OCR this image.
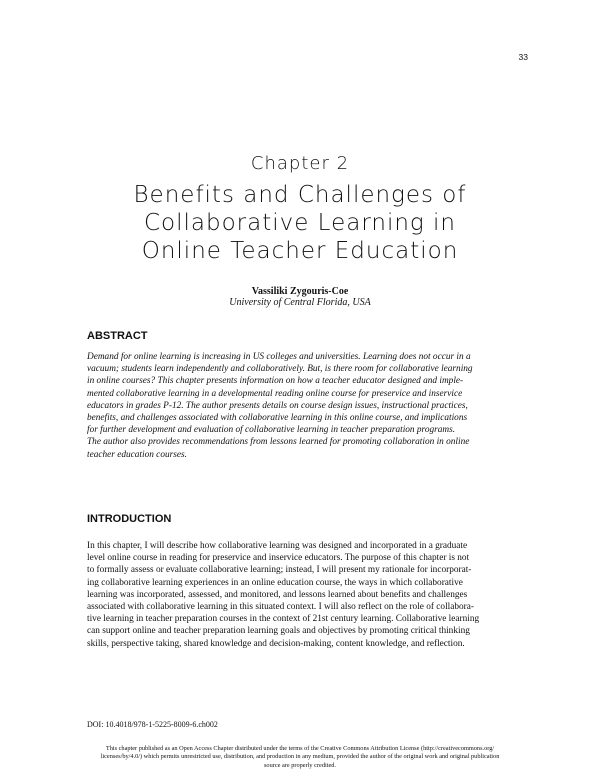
33
Chapter 2
Benefits and Challenges of
Collaborative Learning in
Online Teacher Education
Vassiliki Zygouris-Coe
University of Central Florida, USA
ABSTRACT
Demand for online learning is increasing in US colleges and universities. Learning does not occur in a
vacuum; students learn independently and collaboratively. But, is there room for collaborative learning
in online courses? This chapter presents information on how a teacher educator designed and imple-
mented collaborative learning in a developmental reading online course for preservice and inservice
educators in grades P-12. The author presents details on course design issues, instructional practices,
benefits, and challenges associated with collaborative learning in this online course, and implications
for further development and evaluation of collaborative learning in teacher preparation programs.
The author also provides recommendations from lessons learned for promoting collaboration in online
teacher education courses.
INTRODUCTION
In this chapter, I will describe how collaborative learning was designed and incorporated in a graduate
level online course in reading for preservice and inservice educators. The purpose of this chapter is not
to formally assess or evaluate collaborative learning; instead, I will present my rationale for incorporat-
ing collaborative learning experiences in an online education course, the ways in which collaborative
learning was incorporated, assessed, and monitored, and lessons learned about benefits and challenges
associated with collaborative learning in this situated context. I will also reflect on the role of collabora-
tive learning in teacher preparation courses in the context of 21st century learning. Collaborative learning
can support online and teacher preparation learning goals and objectives by promoting critical thinking
skills, perspective taking, shared knowledge and decision-making, content knowledge, and reflection.
DOI: 10.4018/978-1-5225-8009-6.ch002
This chapter published as an Open Access Chapter distributed under the terms of the Creative Commons Attribution License (http://creativecommons.org/
licenses/by/4.0/) which permits unrestricted use, distribution, and production in any medium, provided the author of the original work and original publication
source are properly credited.
